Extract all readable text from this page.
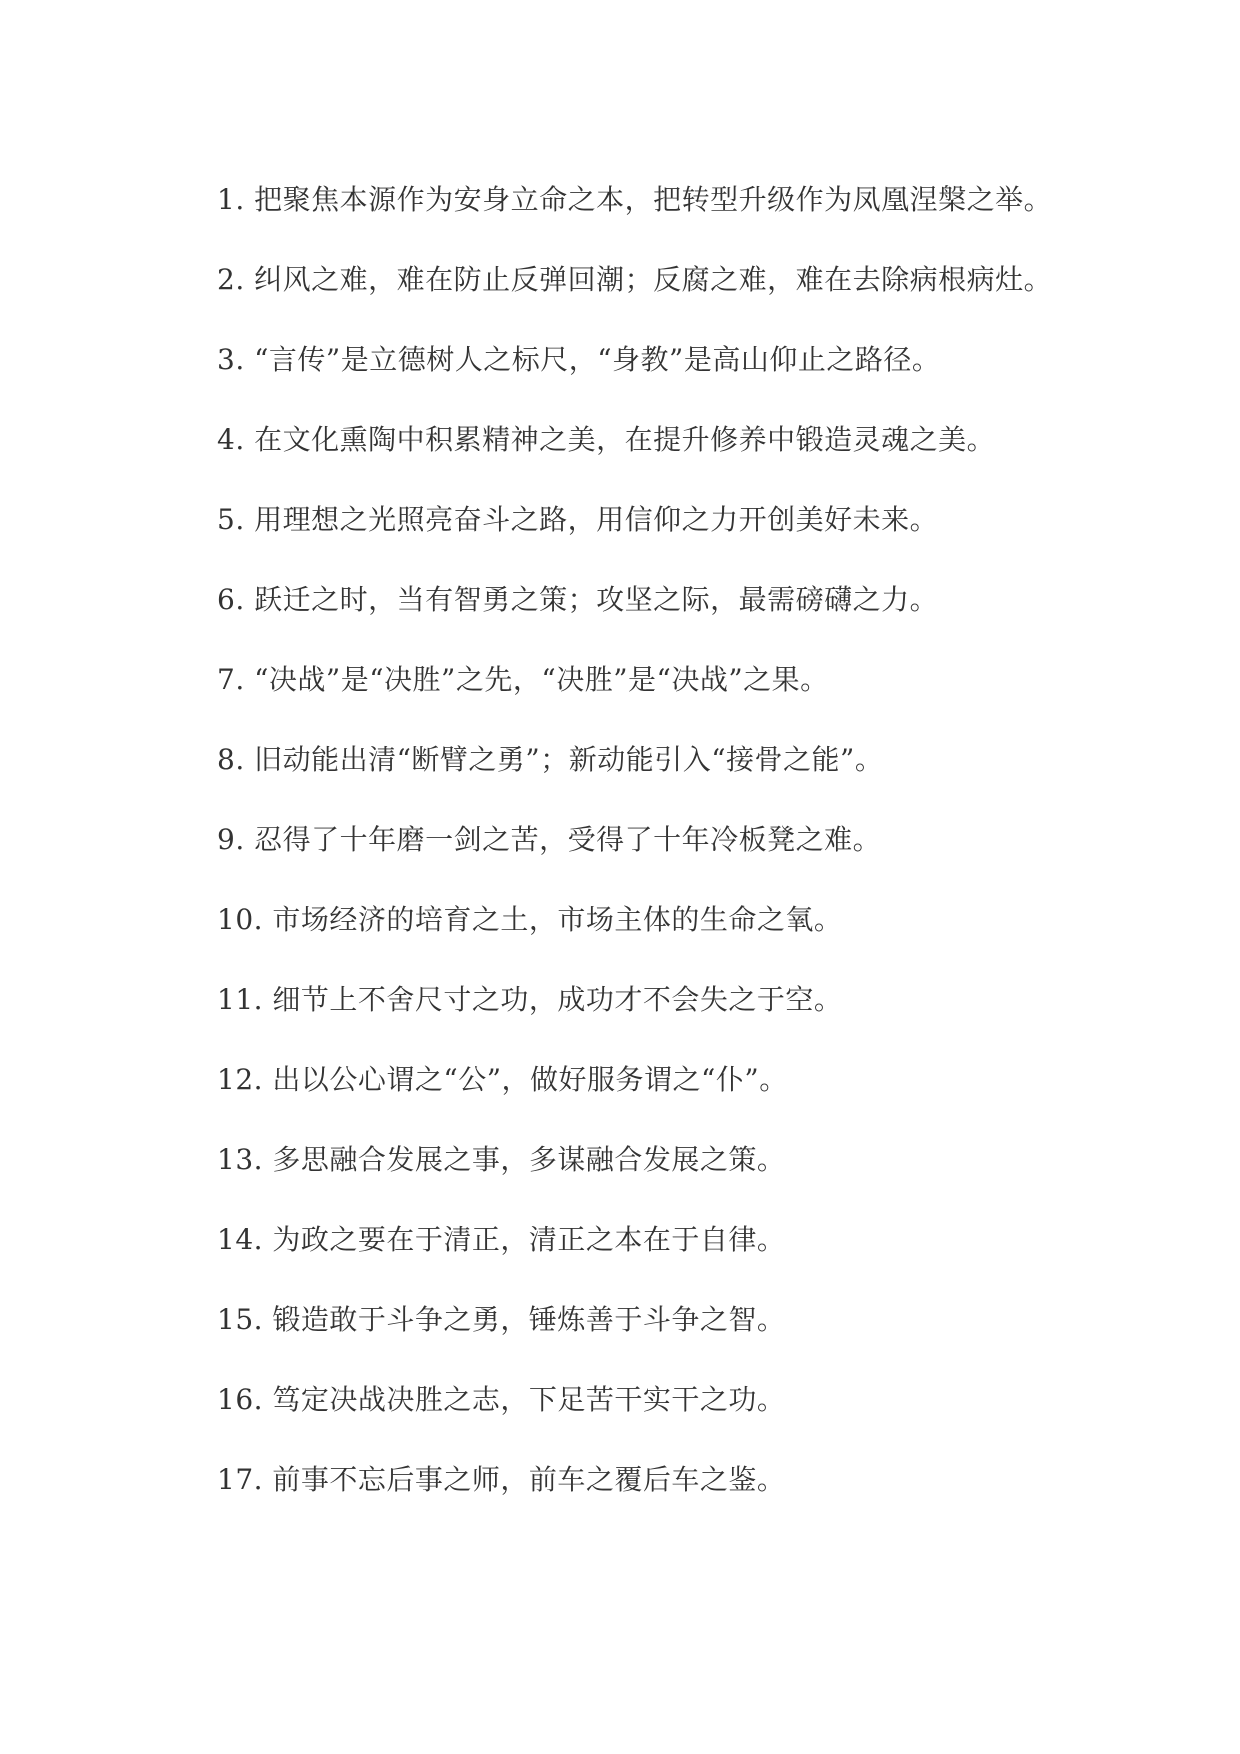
1. 把聚焦本源作为安身立命之本，把转型升级作为凤凰涅槃之举。
2. 纠风之难，难在防止反弹回潮；反腐之难，难在去除病根病灶。
3. “言传”是立德树人之标尺，“身教”是高山仰止之路径。
4. 在文化熏陶中积累精神之美，在提升修养中锻造灵魂之美。
5. 用理想之光照亮奋斗之路，用信仰之力开创美好未来。
6. 跃迁之时，当有智勇之策；攻坚之际，最需磅礴之力。
7. “决战”是“决胜”之先，“决胜”是“决战”之果。
8. 旧动能出清“断臂之勇”；新动能引入“接骨之能”。
9. 忍得了十年磨一剑之苦，受得了十年冷板凳之难。
10. 市场经济的培育之土，市场主体的生命之氧。
11. 细节上不舍尺寸之功，成功才不会失之于空。
12. 出以公心谓之“公”，做好服务谓之“仆”。
13. 多思融合发展之事，多谋融合发展之策。
14. 为政之要在于清正，清正之本在于自律。
15. 锻造敢于斗争之勇，锤炼善于斗争之智。
16. 笃定决战决胜之志，下足苦干实干之功。
17. 前事不忘后事之师，前车之覆后车之鉴。
